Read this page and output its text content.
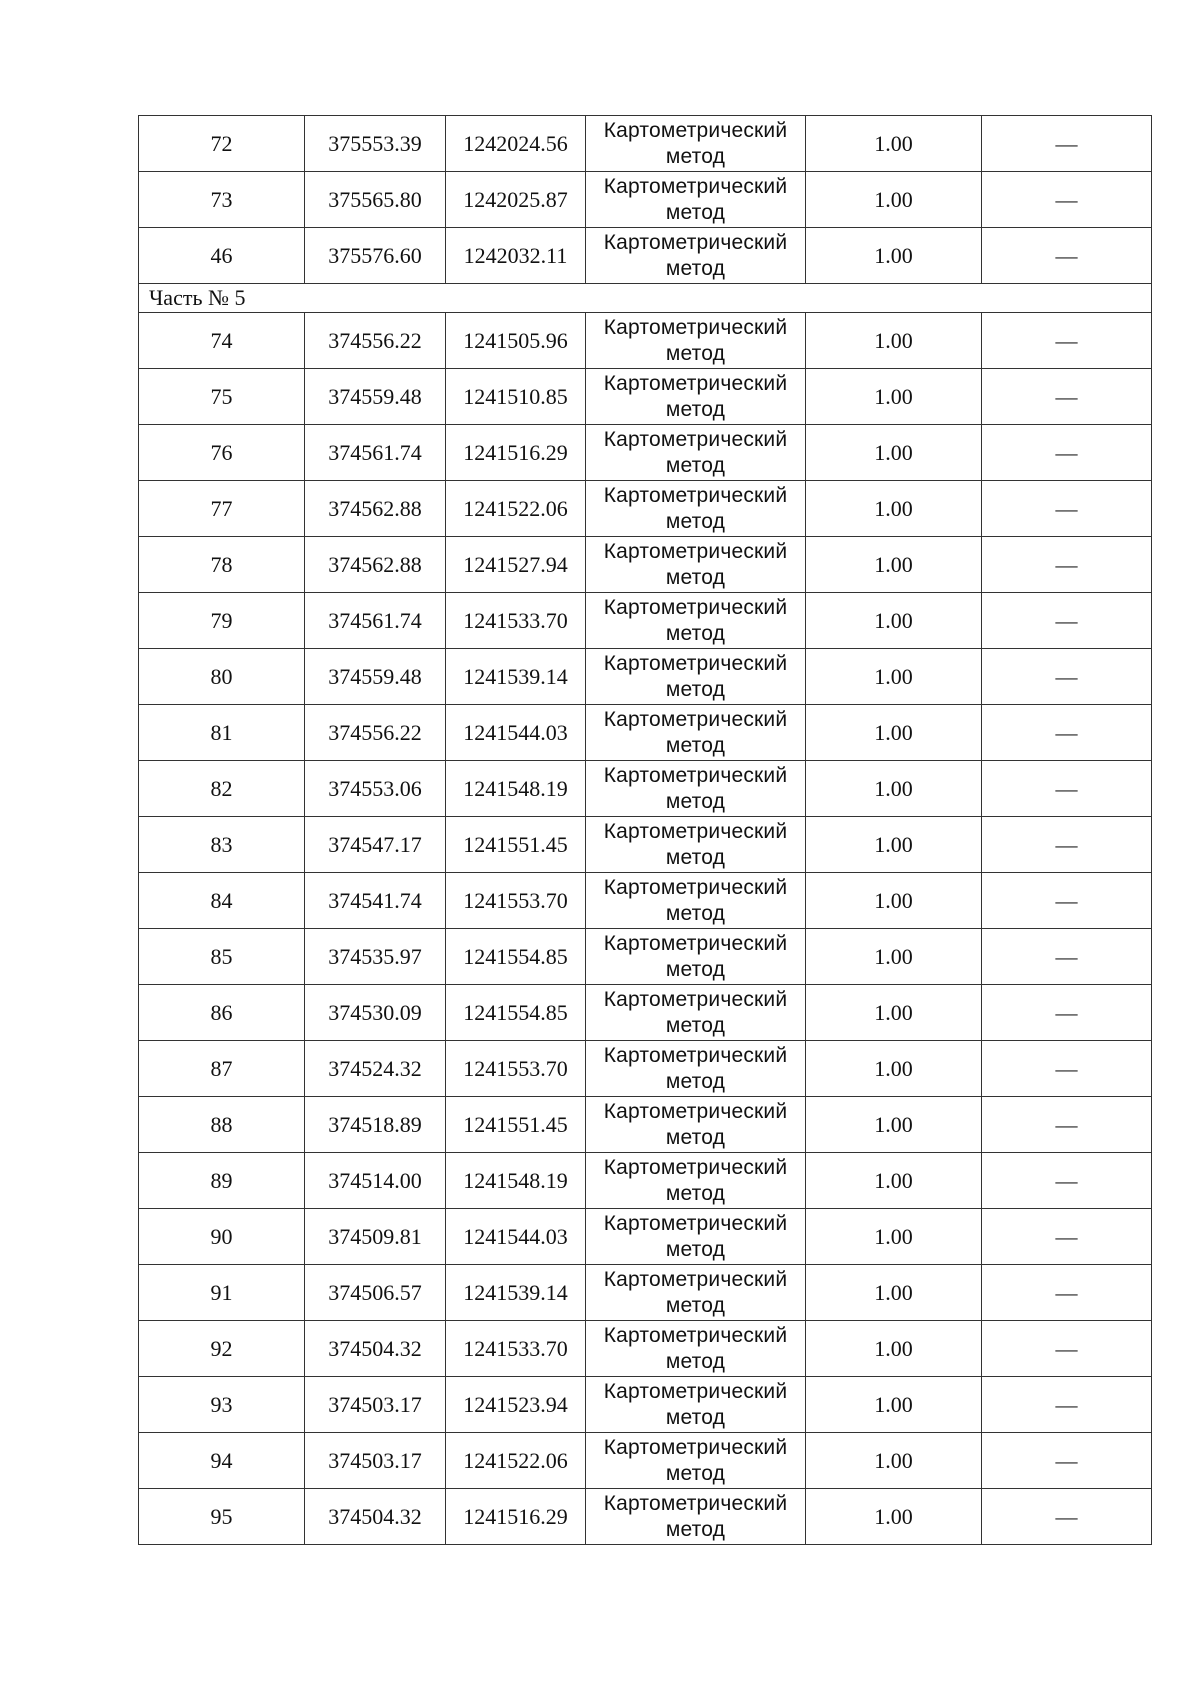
72	375553.39	1242024.56	Картометрический метод	1.00	—
73	375565.80	1242025.87	Картометрический метод	1.00	—
46	375576.60	1242032.11	Картометрический метод	1.00	—
Часть № 5					
74	374556.22	1241505.96	Картометрический метод	1.00	—
75	374559.48	1241510.85	Картометрический метод	1.00	—
76	374561.74	1241516.29	Картометрический метод	1.00	—
77	374562.88	1241522.06	Картометрический метод	1.00	—
78	374562.88	1241527.94	Картометрический метод	1.00	—
79	374561.74	1241533.70	Картометрический метод	1.00	—
80	374559.48	1241539.14	Картометрический метод	1.00	—
81	374556.22	1241544.03	Картометрический метод	1.00	—
82	374553.06	1241548.19	Картометрический метод	1.00	—
83	374547.17	1241551.45	Картометрический метод	1.00	—
84	374541.74	1241553.70	Картометрический метод	1.00	—
85	374535.97	1241554.85	Картометрический метод	1.00	—
86	374530.09	1241554.85	Картометрический метод	1.00	—
87	374524.32	1241553.70	Картометрический метод	1.00	—
88	374518.89	1241551.45	Картометрический метод	1.00	—
89	374514.00	1241548.19	Картометрический метод	1.00	—
90	374509.81	1241544.03	Картометрический метод	1.00	—
91	374506.57	1241539.14	Картометрический метод	1.00	—
92	374504.32	1241533.70	Картометрический метод	1.00	—
93	374503.17	1241523.94	Картометрический метод	1.00	—
94	374503.17	1241522.06	Картометрический метод	1.00	—
95	374504.32	1241516.29	Картометрический метод	1.00	—
